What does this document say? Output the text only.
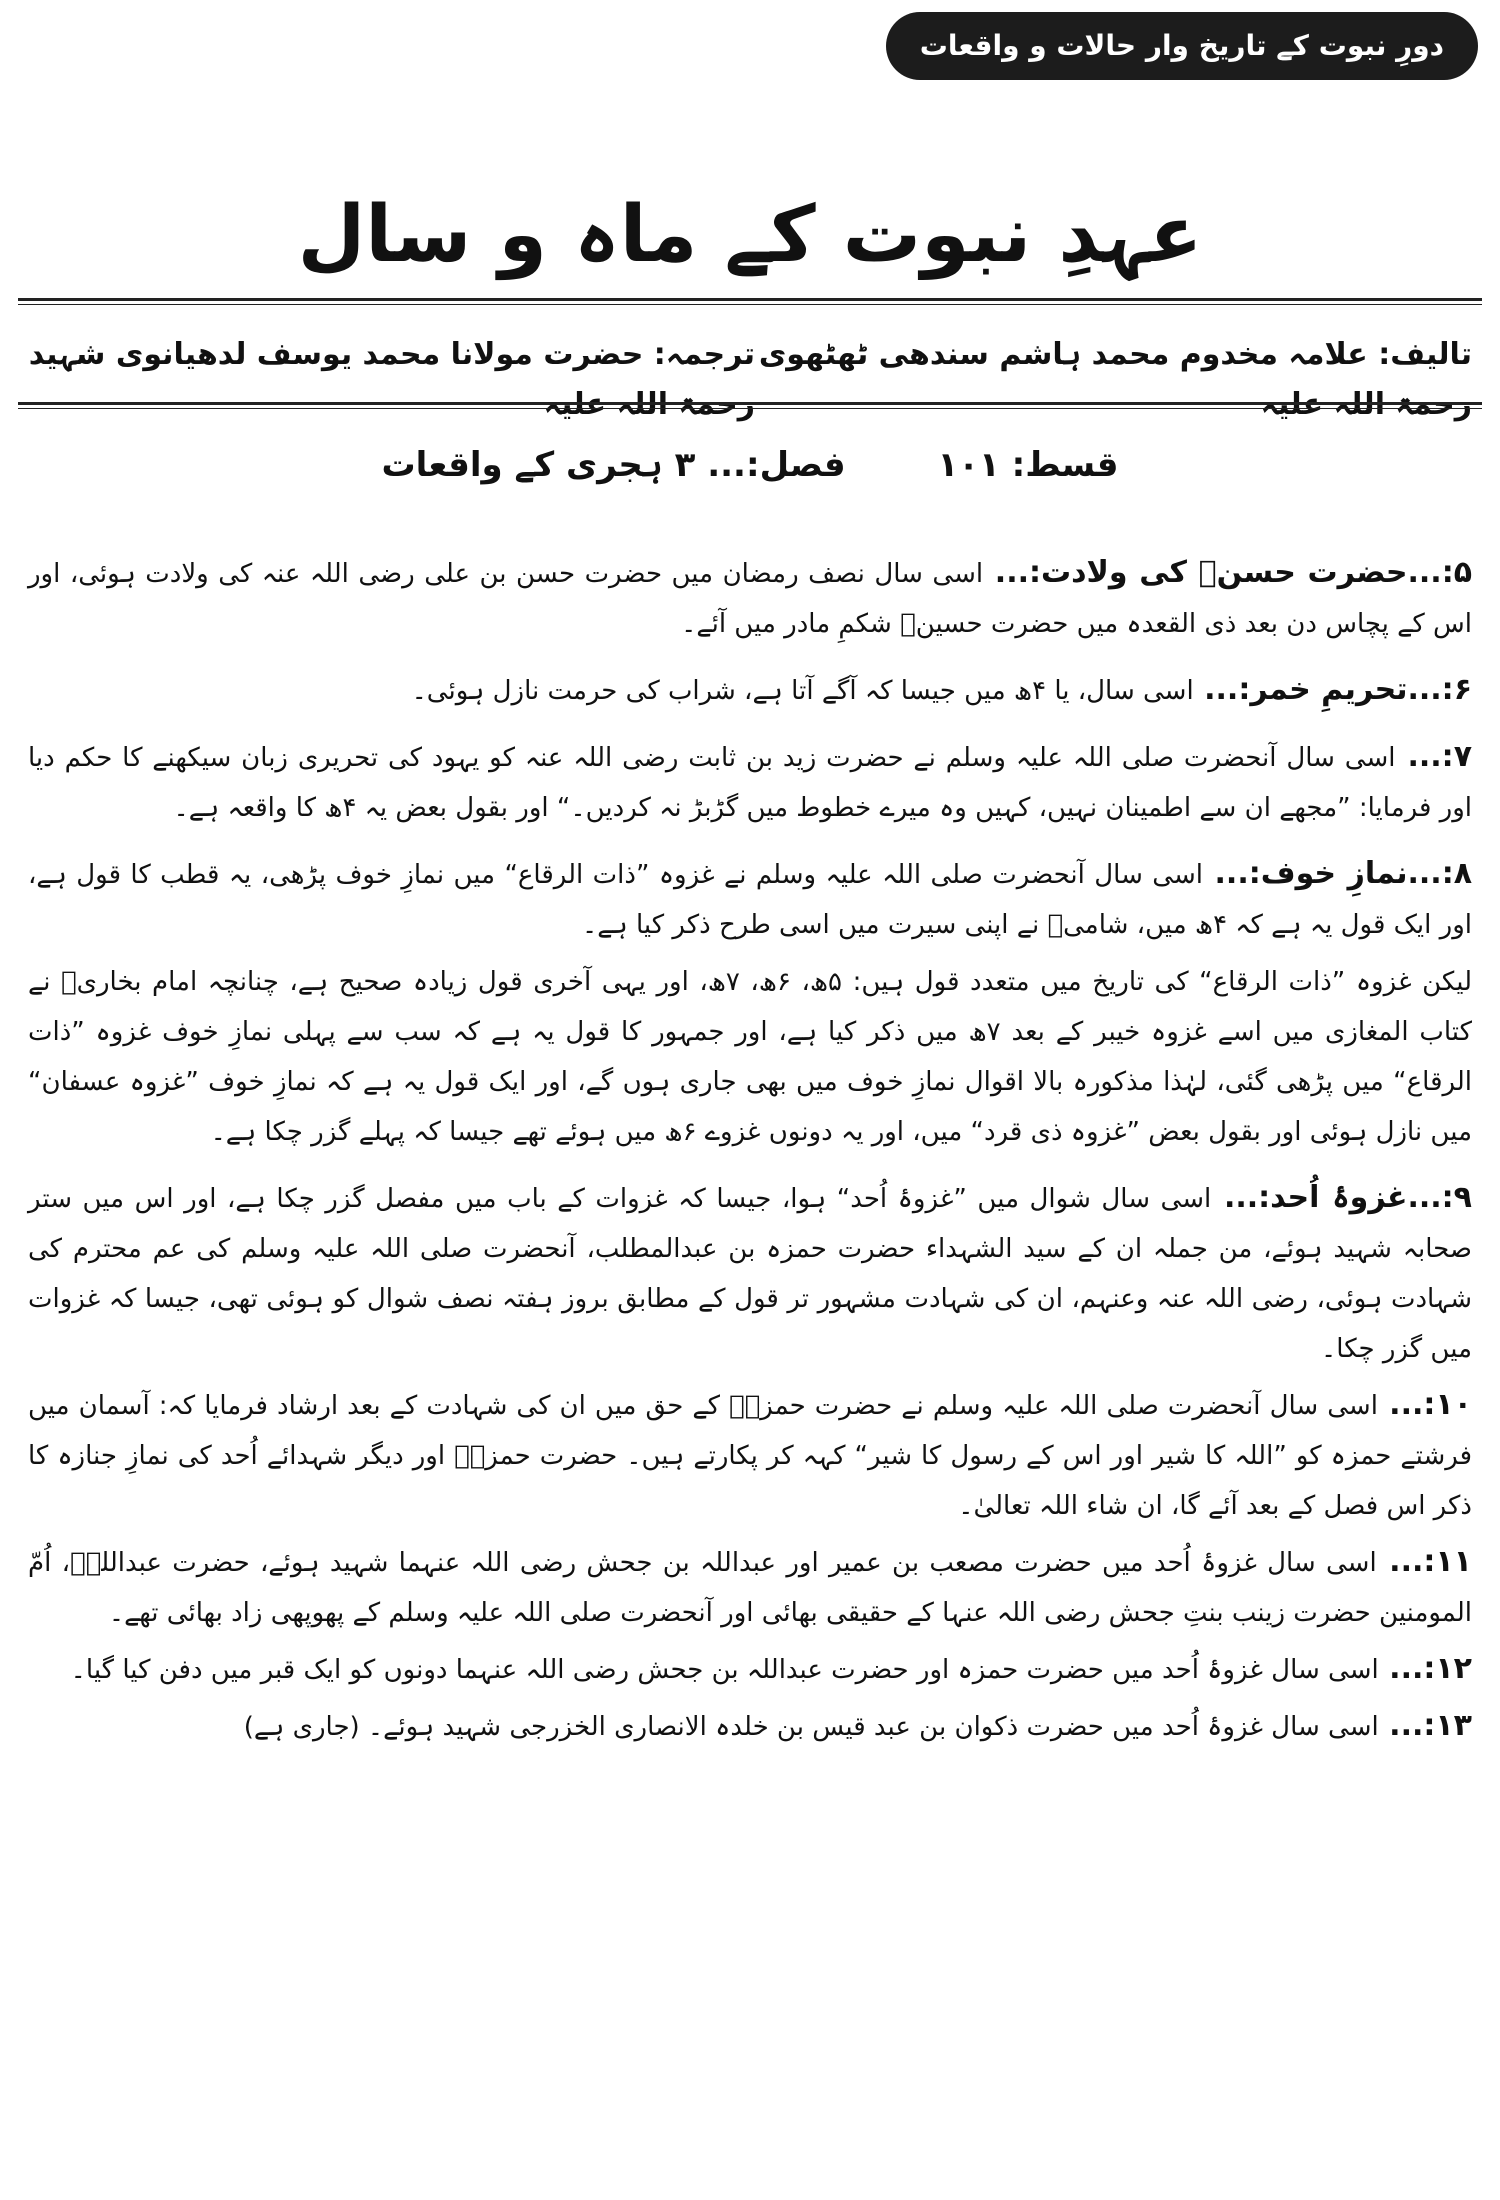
دورِ نبوت کے تاریخ وار حالات و واقعات
عہدِ نبوت کے ماہ و سال
تالیف: علامہ مخدوم محمد ہاشم سندھی ٹھٹھوی
ترجمہ: حضرت مولانا محمد یوسف لدھیانوی شہید
قسط: ۱۰۱ فصل:... ۳ ہجری کے واقعات

۵:...حضرت حسنؓ کی ولادت:... اسی سال نصف رمضان میں حضرت حسن بن علی رضی اللہ عنہ کی ولادت ہوئی، اور اس کے پچاس دن بعد ذی القعدہ میں حضرت حسینؓ شکمِ مادر میں آئے۔

۶:...تحریمِ خمر:... اسی سال، یا ۴ھ میں جیسا کہ آگے آتا ہے، شراب کی حرمت نازل ہوئی۔

۷:... اسی سال آنحضرت صلی اللہ علیہ وسلم نے حضرت زید بن ثابت رضی اللہ عنہ کو یہود کی تحریری زبان سیکھنے کا حکم دیا اور فرمایا: ”مجھے ان سے اطمینان نہیں، کہیں وہ میرے خطوط میں گڑبڑ نہ کردیں۔“ اور بقول بعض یہ ۴ھ کا واقعہ ہے۔

۸:...نمازِ خوف:... اسی سال آنحضرت صلی اللہ علیہ وسلم نے غزوہ ”ذات الرقاع“ میں نمازِ خوف پڑھی، یہ قطب کا قول ہے، اور ایک قول یہ ہے کہ ۴ھ میں، شامیؒ نے اپنی سیرت میں اسی طرح ذکر کیا ہے۔

لیکن غزوہ ”ذات الرقاع“ کی تاریخ میں متعدد قول ہیں: ۵ھ، ۶ھ، ۷ھ، اور یہی آخری قول زیادہ صحیح ہے، چنانچہ امام بخاریؒ نے کتاب المغازی میں اسے غزوہ خیبر کے بعد ۷ھ میں ذکر کیا ہے، اور جمہور کا قول یہ ہے کہ سب سے پہلی نمازِ خوف غزوہ ”ذات الرقاع“ میں پڑھی گئی، لہٰذا مذکورہ بالا اقوال نمازِ خوف میں بھی جاری ہوں گے، اور ایک قول یہ ہے کہ نمازِ خوف ”غزوہ عسفان“ میں نازل ہوئی اور بقول بعض ”غزوہ ذی قرد“ میں، اور یہ دونوں غزوے ۶ھ میں ہوئے تھے جیسا کہ پہلے گزر چکا ہے۔

۹:...غزوۂ اُحد:... اسی سال شوال میں ”غزوۂ اُحد“ ہوا، جیسا کہ غزوات کے باب میں مفصل گزر چکا ہے، اور اس میں ستر صحابہ شہید ہوئے، من جملہ ان کے سید الشہداء حضرت حمزہ بن عبدالمطلب، آنحضرت صلی اللہ علیہ وسلم کی عم محترم کی شہادت ہوئی، رضی اللہ عنہ وعنہم، ان کی شہادت مشہور تر قول کے مطابق بروز ہفتہ نصف شوال کو ہوئی تھی، جیسا کہ غزوات میں گزر چکا۔

۱۰:... اسی سال آنحضرت صلی اللہ علیہ وسلم نے حضرت حمزہؓ کے حق میں ان کی شہادت کے بعد ارشاد فرمایا کہ: آسمان میں فرشتے حمزہ کو ”اللہ کا شیر اور اس کے رسول کا شیر“ کہہ کر پکارتے ہیں۔ حضرت حمزہؓ اور دیگر شہدائے اُحد کی نمازِ جنازہ کا ذکر اس فصل کے بعد آئے گا، ان شاء اللہ تعالیٰ۔

۱۱:... اسی سال غزوۂ اُحد میں حضرت مصعب بن عمیر اور عبداللہ بن جحش رضی اللہ عنہما شہید ہوئے، حضرت عبداللہؓ، اُمّ المومنین حضرت زینب بنتِ جحش رضی اللہ عنہا کے حقیقی بھائی اور آنحضرت صلی اللہ علیہ وسلم کے پھوپھی زاد بھائی تھے۔

۱۲:... اسی سال غزوۂ اُحد میں حضرت حمزہ اور حضرت عبداللہ بن جحش رضی اللہ عنہما دونوں کو ایک قبر میں دفن کیا گیا۔

۱۳:... اسی سال غزوۂ اُحد میں حضرت ذکوان بن عبد قیس بن خلدہ الانصاری الخزرجی شہید ہوئے۔ (جاری ہے)
